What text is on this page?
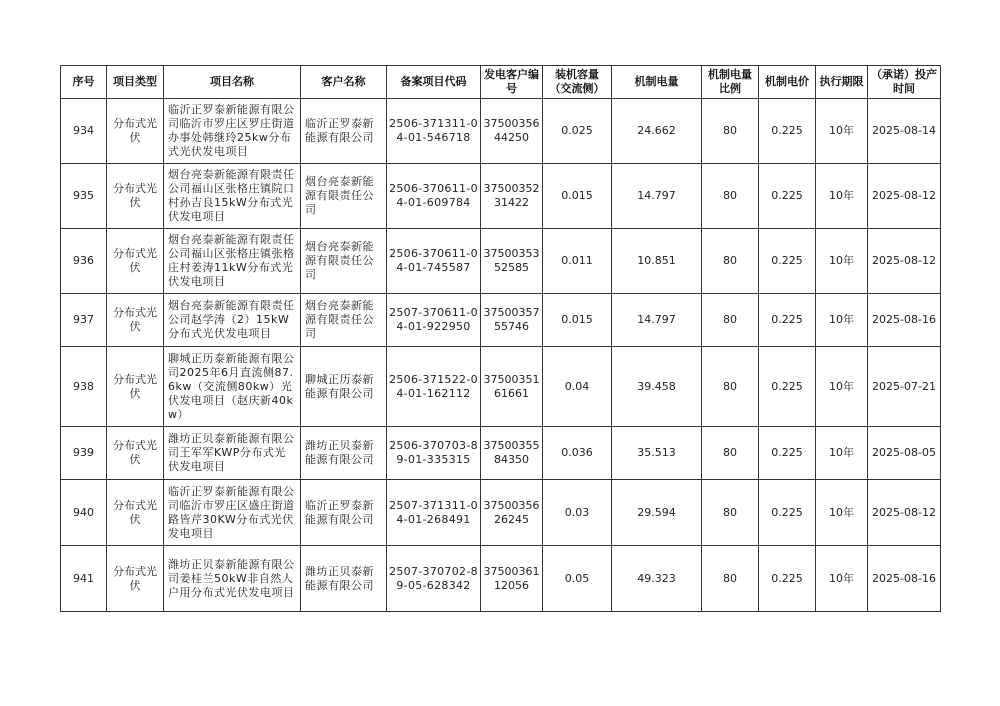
序号	项目类型	项目名称	客户名称	备案项目代码	发电客户编号	装机容量（交流侧）	机制电量	机制电量比例	机制电价	执行期限	（承诺）投产时间
934	分布式光伏	临沂正罗泰新能源有限公司临沂市罗庄区罗庄街道办事处韩继玲25kw分布式光伏发电项目	临沂正罗泰新能源有限公司	2506-371311-04-01-546718	3750035644250	0.025	24.662	80	0.225	10年	2025-08-14
935	分布式光伏	烟台亮泰新能源有限责任公司福山区张格庄镇院口村孙吉良15kW分布式光伏发电项目	烟台亮泰新能源有限责任公司	2506-370611-04-01-609784	3750035231422	0.015	14.797	80	0.225	10年	2025-08-12
936	分布式光伏	烟台亮泰新能源有限责任公司福山区张格庄镇张格庄村姜涛11kW分布式光伏发电项目	烟台亮泰新能源有限责任公司	2506-370611-04-01-745587	3750035352585	0.011	10.851	80	0.225	10年	2025-08-12
937	分布式光伏	烟台亮泰新能源有限责任公司赵学涛（2）15kW分布式光伏发电项目	烟台亮泰新能源有限责任公司	2507-370611-04-01-922950	3750035755746	0.015	14.797	80	0.225	10年	2025-08-16
938	分布式光伏	聊城正历泰新能源有限公司2025年6月直流侧87.6kw（交流侧80kw）光伏发电项目（赵庆新40kw）	聊城正历泰新能源有限公司	2506-371522-04-01-162112	3750035161661	0.04	39.458	80	0.225	10年	2025-07-21
939	分布式光伏	潍坊正贝泰新能源有限公司王军军KWP分布式光伏发电项目	潍坊正贝泰新能源有限公司	2506-370703-89-01-335315	3750035584350	0.036	35.513	80	0.225	10年	2025-08-05
940	分布式光伏	临沂正罗泰新能源有限公司临沂市罗庄区盛庄街道路皆芹30KW分布式光伏发电项目	临沂正罗泰新能源有限公司	2507-371311-04-01-268491	3750035626245	0.03	29.594	80	0.225	10年	2025-08-12
941	分布式光伏	潍坊正贝泰新能源有限公司姜桂兰50kW非自然人户用分布式光伏发电项目	潍坊正贝泰新能源有限公司	2507-370702-89-05-628342	3750036112056	0.05	49.323	80	0.225	10年	2025-08-16
